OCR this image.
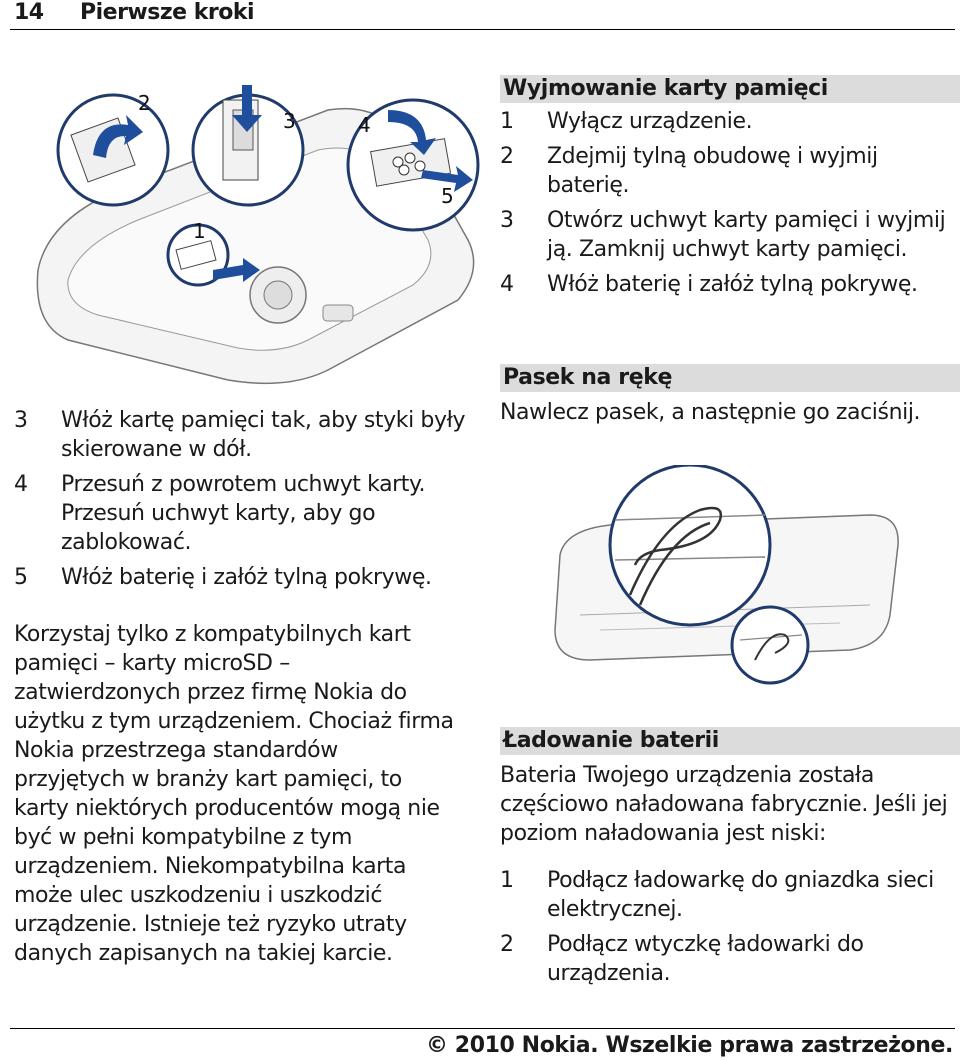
14 Pierwsze kroki
1
2
3	4
5
3 Włóż kartę pamięci tak, aby styki były skierowane w dół.
4 Przesuń z powrotem uchwyt karty. Przesuń uchwyt karty, aby go zablokować.
5 Włóż baterię i załóż tylną pokrywę.
Korzystaj tylko z kompatybilnych kart pamięci – karty microSD – zatwierdzonych przez firmę Nokia do użytku z tym urządzeniem. Chociaż firma Nokia przestrzega standardów przyjętych w branży kart pamięci, to karty niektórych producentów mogą nie być w pełni kompatybilne z tym urządzeniem. Niekompatybilna karta może ulec uszkodzeniu i uszkodzić urządzenie. Istnieje też ryzyko utraty danych zapisanych na takiej karcie.
Wyjmowanie karty pamięci
1 Wyłącz urządzenie.
2 Zdejmij tylną obudowę i wyjmij baterię.
3 Otwórz uchwyt karty pamięci i wyjmij ją. Zamknij uchwyt karty pamięci.
4 Włóż baterię i załóż tylną pokrywę.
Pasek na rękę
Nawlecz pasek, a następnie go zaciśnij.
Ładowanie baterii
Bateria Twojego urządzenia została częściowo naładowana fabrycznie. Jeśli jej poziom naładowania jest niski:
1 Podłącz ładowarkę do gniazdka sieci elektrycznej.
2 Podłącz wtyczkę ładowarki do urządzenia.
© 2010 Nokia. Wszelkie prawa zastrzeżone.
